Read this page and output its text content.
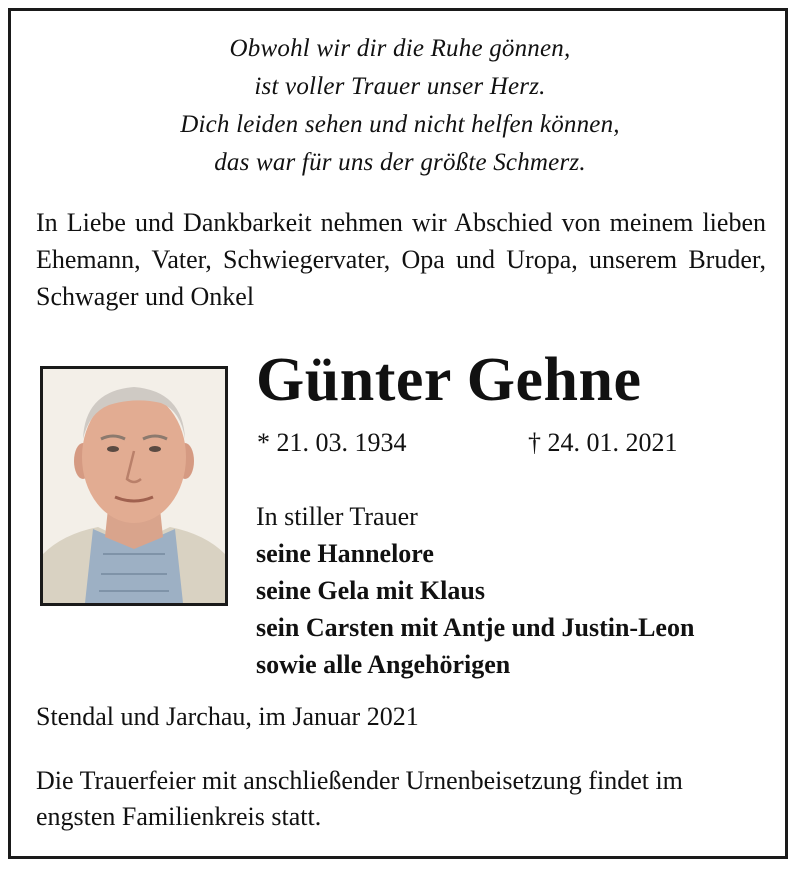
Obwohl wir dir die Ruhe gönnen,
ist voller Trauer unser Herz.
Dich leiden sehen und nicht helfen können,
das war für uns der größte Schmerz.
In Liebe und Dankbarkeit nehmen wir Abschied von meinem lieben Ehemann, Vater, Schwiegervater, Opa und Uropa, unserem Bruder, Schwager und Onkel
Günter Gehne
* 21. 03. 1934	† 24. 01. 2021
In stiller Trauer
seine Hannelore
seine Gela mit Klaus
sein Carsten mit Antje und Justin-Leon
sowie alle Angehörigen
Stendal und Jarchau, im Januar 2021
Die Trauerfeier mit anschließender Urnenbeisetzung findet im engsten Familienkreis statt.
